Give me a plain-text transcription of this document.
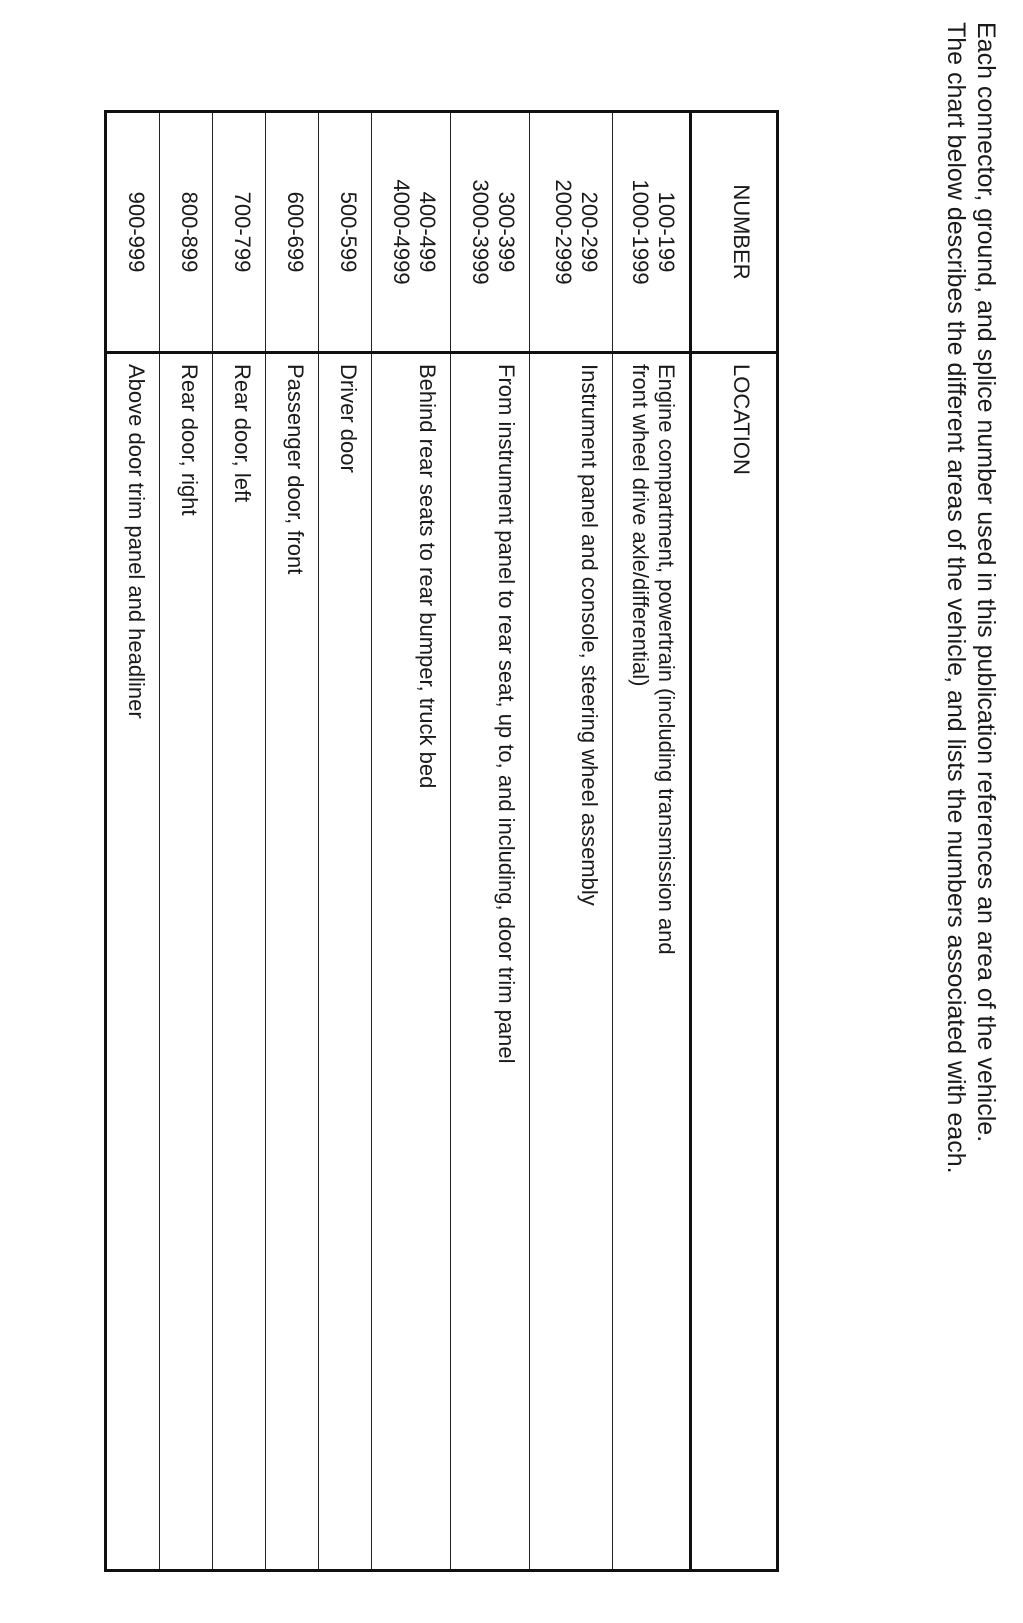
Each connector, ground, and splice number used in this publication references an area of the vehicle.

The chart below describes the different areas of the vehicle, and lists the numbers associated with each.

NUMBER	LOCATION

100-199
1000-1999	Engine compartment, powertrain (including transmission and
front wheel drive axle/differential)

200-299
2000-2999	Instrument panel and console, steering wheel assembly

300-399
3000-3999	From instrument panel to rear seat, up to, and including, door trim panel

400-499
4000-4999	Behind rear seats to rear bumper, truck bed

500-599	Driver door

600-699	Passenger door, front

700-799	Rear door, left

800-899	Rear door, right

900-999	Above door trim panel and headliner
